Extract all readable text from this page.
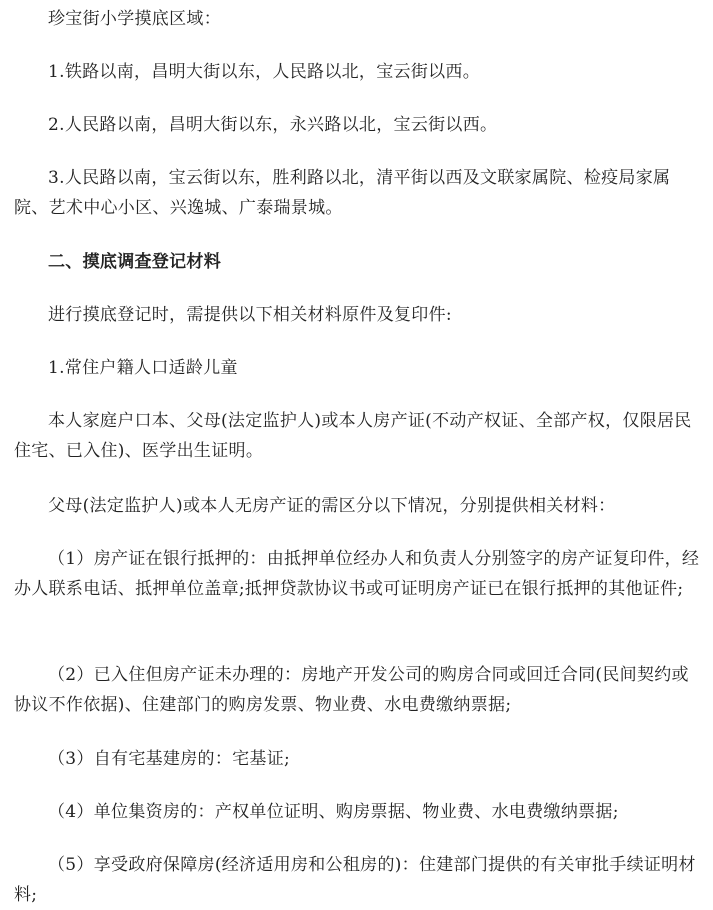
珍宝街小学摸底区域：

1.铁路以南，昌明大街以东，人民路以北，宝云街以西。

2.人民路以南，昌明大街以东，永兴路以北，宝云街以西。

3.人民路以南，宝云街以东，胜利路以北，清平街以西及文联家属院、检疫局家属院、艺术中心小区、兴逸城、广泰瑞景城。

二、摸底调查登记材料

进行摸底登记时，需提供以下相关材料原件及复印件:

1.常住户籍人口适龄儿童

本人家庭户口本、父母(法定监护人)或本人房产证(不动产权证、全部产权，仅限居民住宅、已入住)、医学出生证明。

父母(法定监护人)或本人无房产证的需区分以下情况，分别提供相关材料：

（1）房产证在银行抵押的：由抵押单位经办人和负责人分别签字的房产证复印件，经办人联系电话、抵押单位盖章;抵押贷款协议书或可证明房产证已在银行抵押的其他证件;

（2）已入住但房产证未办理的：房地产开发公司的购房合同或回迁合同(民间契约或协议不作依据)、住建部门的购房发票、物业费、水电费缴纳票据;

（3）自有宅基建房的：宅基证;

（4）单位集资房的：产权单位证明、购房票据、物业费、水电费缴纳票据;

（5）享受政府保障房(经济适用房和公租房的)：住建部门提供的有关审批手续证明材料;
